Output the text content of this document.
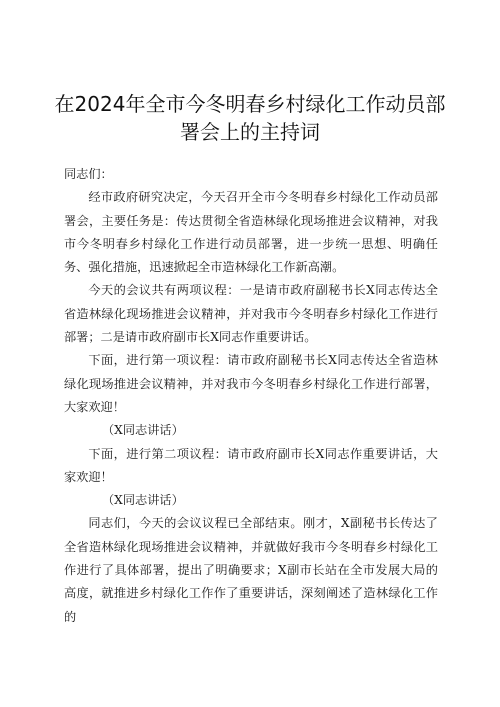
在2024年全市今冬明春乡村绿化工作动员部
署会上的主持词

同志们：

经市政府研究决定，今天召开全市今冬明春乡村绿化工作动员部署会，主要任务是：传达贯彻全省造林绿化现场推进会议精神，对我市今冬明春乡村绿化工作进行动员部署，进一步统一思想、明确任务、强化措施，迅速掀起全市造林绿化工作新高潮。

今天的会议共有两项议程：一是请市政府副秘书长X同志传达全省造林绿化现场推进会议精神，并对我市今冬明春乡村绿化工作进行部署；二是请市政府副市长X同志作重要讲话。

下面，进行第一项议程：请市政府副秘书长X同志传达全省造林绿化现场推进会议精神，并对我市今冬明春乡村绿化工作进行部署，大家欢迎！

（X同志讲话）

下面，进行第二项议程：请市政府副市长X同志作重要讲话，大家欢迎！

（X同志讲话）

同志们，今天的会议议程已全部结束。刚才，X副秘书长传达了全省造林绿化现场推进会议精神，并就做好我市今冬明春乡村绿化工作进行了具体部署，提出了明确要求；X副市长站在全市发展大局的高度，就推进乡村绿化工作作了重要讲话，深刻阐述了造林绿化工作的
